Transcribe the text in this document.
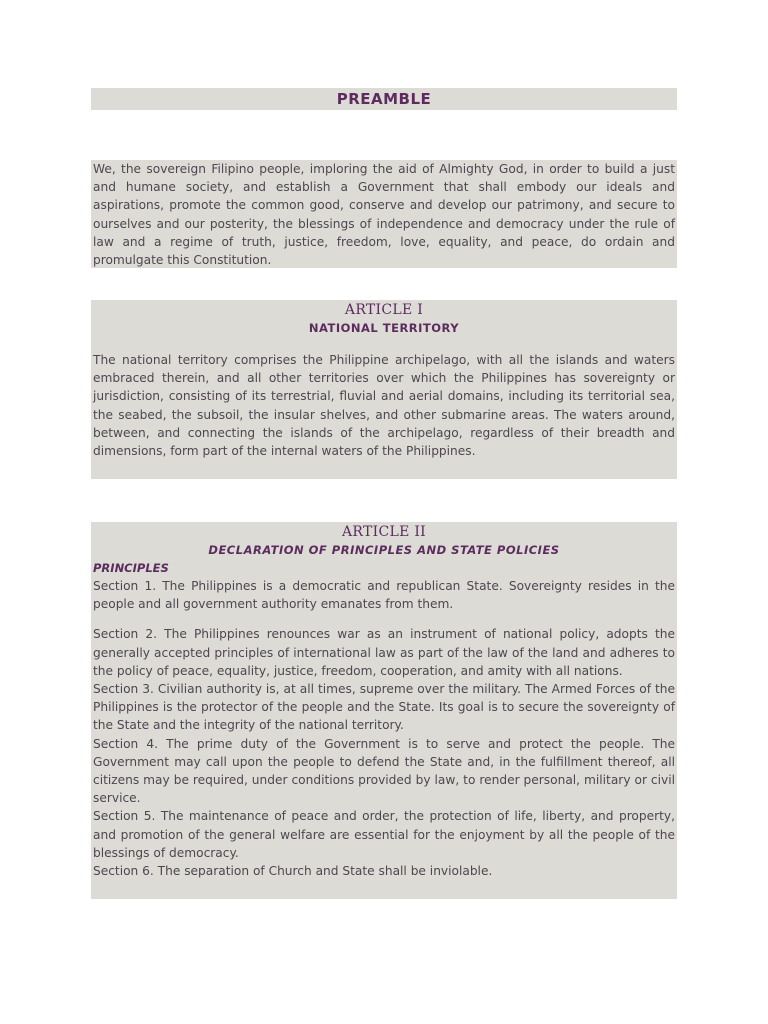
PREAMBLE

We, the sovereign Filipino people, imploring the aid of Almighty God, in order to build a just and humane society, and establish a Government that shall embody our ideals and aspirations, promote the common good, conserve and develop our patrimony, and secure to ourselves and our posterity, the blessings of independence and democracy under the rule of law and a regime of truth, justice, freedom, love, equality, and peace, do ordain and promulgate this Constitution.

ARTICLE I
NATIONAL TERRITORY

The national territory comprises the Philippine archipelago, with all the islands and waters embraced therein, and all other territories over which the Philippines has sovereignty or jurisdiction, consisting of its terrestrial, fluvial and aerial domains, including its territorial sea, the seabed, the subsoil, the insular shelves, and other submarine areas. The waters around, between, and connecting the islands of the archipelago, regardless of their breadth and dimensions, form part of the internal waters of the Philippines.

ARTICLE II
DECLARATION OF PRINCIPLES AND STATE POLICIES
PRINCIPLES

Section 1. The Philippines is a democratic and republican State. Sovereignty resides in the people and all government authority emanates from them.

Section 2. The Philippines renounces war as an instrument of national policy, adopts the generally accepted principles of international law as part of the law of the land and adheres to the policy of peace, equality, justice, freedom, cooperation, and amity with all nations.

Section 3. Civilian authority is, at all times, supreme over the military. The Armed Forces of the Philippines is the protector of the people and the State. Its goal is to secure the sovereignty of the State and the integrity of the national territory.

Section 4. The prime duty of the Government is to serve and protect the people. The Government may call upon the people to defend the State and, in the fulfillment thereof, all citizens may be required, under conditions provided by law, to render personal, military or civil service.

Section 5. The maintenance of peace and order, the protection of life, liberty, and property, and promotion of the general welfare are essential for the enjoyment by all the people of the blessings of democracy.

Section 6. The separation of Church and State shall be inviolable.
